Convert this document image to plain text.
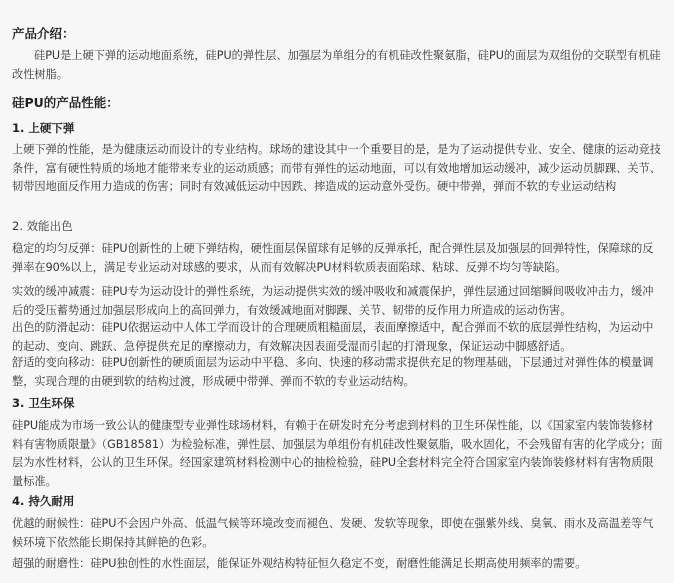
产品介绍：

硅PU是上硬下弹的运动地面系统，硅PU的弹性层、加强层为单组分的有机硅改性聚氨脂，硅PU的面层为双组份的交联型有机硅改性树脂。

硅PU的产品性能：
1. 上硬下弹

上硬下弹的性能，是为健康运动而设计的专业结构。球场的建设其中一个重要目的是，是为了运动提供专业、安全、健康的运动竞技条件，富有硬性特质的场地才能带来专业的运动质感；而带有弹性的运动地面，可以有效地增加运动缓冲，减少运动员脚踝、关节、韧带因地面反作用力造成的伤害；同时有效减低运动中因跌、摔造成的运动意外受伤。硬中带弹，弹而不软的专业运动结构

2. 效能出色

稳定的均匀反弹：硅PU创新性的上硬下弹结构，硬性面层保留球有足够的反弹承托，配合弹性层及加强层的回弹特性，保障球的反弹率在90%以上，满足专业运动对球感的要求，从而有效解决PU材料软质表面陷球、粘球、反弹不均匀等缺陷。

实效的缓冲减震：硅PU专为运动设计的弹性系统，为运动提供实效的缓冲吸收和减震保护，弹性层通过回缩瞬间吸收冲击力，缓冲后的受压蓄势通过加强层形成向上的高回弹力，有效缓减地面对脚踝、关节、韧带的反作用力所造成的运动伤害。

出色的防滑起动：硅PU依据运动中人体工学而设计的合理硬质粗糙面层，表面摩擦适中，配合弹而不软的底层弹性结构，为运动中的起动、变向、跳跃、急停提供充足的摩擦动力，有效解决因表面受湿而引起的打滑现象，保证运动中脚感舒适。

舒适的变向移动：硅PU创新性的硬质面层为运动中平稳、多向、快速的移动需求提供充足的物理基础，下层通过对弹性体的模量调整，实现合理的由硬到软的结构过渡，形成硬中带弹、弹而不软的专业运动结构。

3. 卫生环保

硅PU能成为市场一致公认的健康型专业弹性球场材料，有赖于在研发时充分考虑到材料的卫生环保性能，以《国家室内装饰装修材料有害物质限量》（GB18581）为检验标准，弹性层、加强层为单组份有机硅改性聚氨脂，吸水固化，不会残留有害的化学成分；面层为水性材料，公认的卫生环保。经国家建筑材料检测中心的抽检检验，硅PU全套材料完全符合国家室内装饰装修材料有害物质限量标准。

4. 持久耐用

优越的耐候性：硅PU不会因户外高、低温气候等环境改变而褪色、发硬、发软等现象，即使在强紫外线、臭氧、雨水及高温差等气候环境下依然能长期保持其鲜艳的色彩。

超强的耐磨性：硅PU独创性的水性面层，能保证外观结构特征恒久稳定不变，耐磨性能满足长期高使用频率的需要。
